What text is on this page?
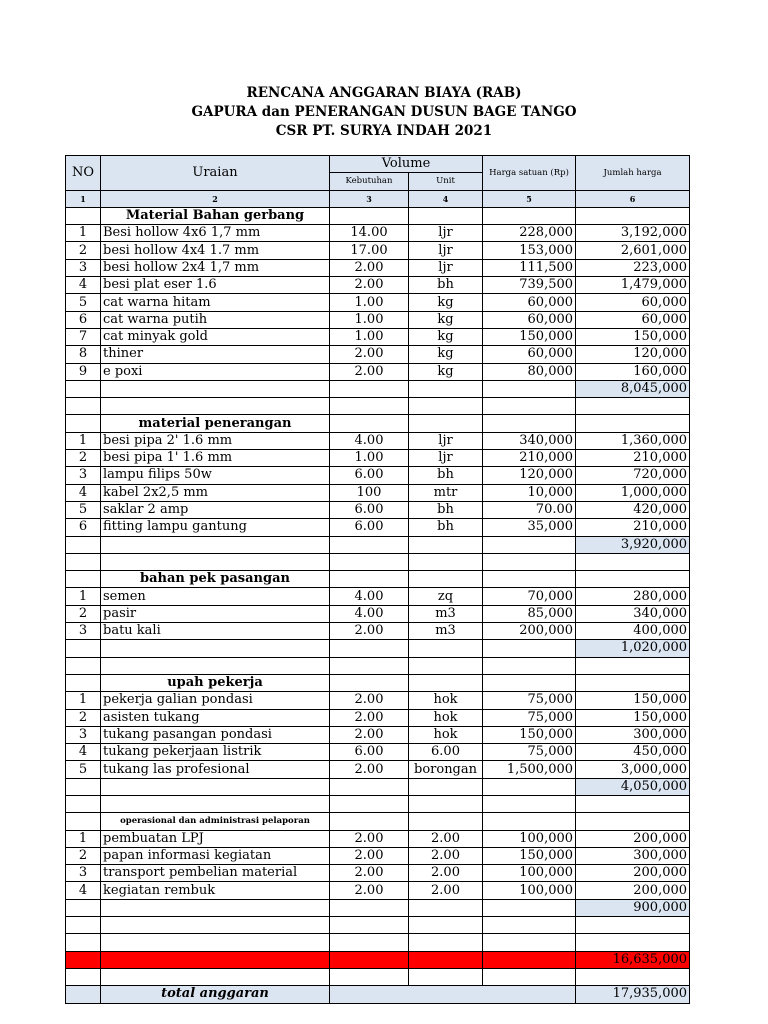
RENCANA ANGGARAN BIAYA (RAB)
GAPURA dan PENERANGAN DUSUN BAGE TANGO
CSR PT. SURYA INDAH 2021
NO	Uraian	Volume		Harga satuan (Rp)	Jumlah harga
		Kebutuhan	Unit		
1	2	3	4	5	6
	Material Bahan gerbang				
1	Besi hollow 4x6 1,7 mm	14.00	ljr	228,000	3,192,000
2	besi hollow 4x4 1.7 mm	17.00	ljr	153,000	2,601,000
3	besi hollow 2x4 1,7 mm	2.00	ljr	111,500	223,000
4	besi plat eser 1.6	2.00	bh	739,500	1,479,000
5	cat warna hitam	1.00	kg	60,000	60,000
6	cat warna putih	1.00	kg	60,000	60,000
7	cat minyak gold	1.00	kg	150,000	150,000
8	thiner	2.00	kg	60,000	120,000
9	e poxi	2.00	kg	80,000	160,000
					8,045,000

	material penerangan				
1	besi pipa 2' 1.6 mm	4.00	ljr	340,000	1,360,000
2	besi pipa 1' 1.6 mm	1.00	ljr	210,000	210,000
3	lampu filips 50w	6.00	bh	120,000	720,000
4	kabel 2x2,5 mm	100	mtr	10,000	1,000,000
5	saklar 2 amp	6.00	bh	70.00	420,000
6	fitting lampu gantung	6.00	bh	35,000	210,000
					3,920,000

	bahan pek pasangan				
1	semen	4.00	zq	70,000	280,000
2	pasir	4.00	m3	85,000	340,000
3	batu kali	2.00	m3	200,000	400,000
					1,020,000

	upah pekerja				
1	pekerja galian pondasi	2.00	hok	75,000	150,000
2	asisten tukang	2.00	hok	75,000	150,000
3	tukang pasangan pondasi	2.00	hok	150,000	300,000
4	tukang pekerjaan listrik	6.00	6.00	75,000	450,000
5	tukang las profesional	2.00	borongan	1,500,000	3,000,000
					4,050,000

	operasional dan administrasi pelaporan				
1	pembuatan LPJ	2.00	2.00	100,000	200,000
2	papan informasi kegiatan	2.00	2.00	150,000	300,000
3	transport pembelian material	2.00	2.00	100,000	200,000
4	kegiatan rembuk	2.00	2.00	100,000	200,000
					900,000

					16,635,000

	total anggaran				17,935,000
